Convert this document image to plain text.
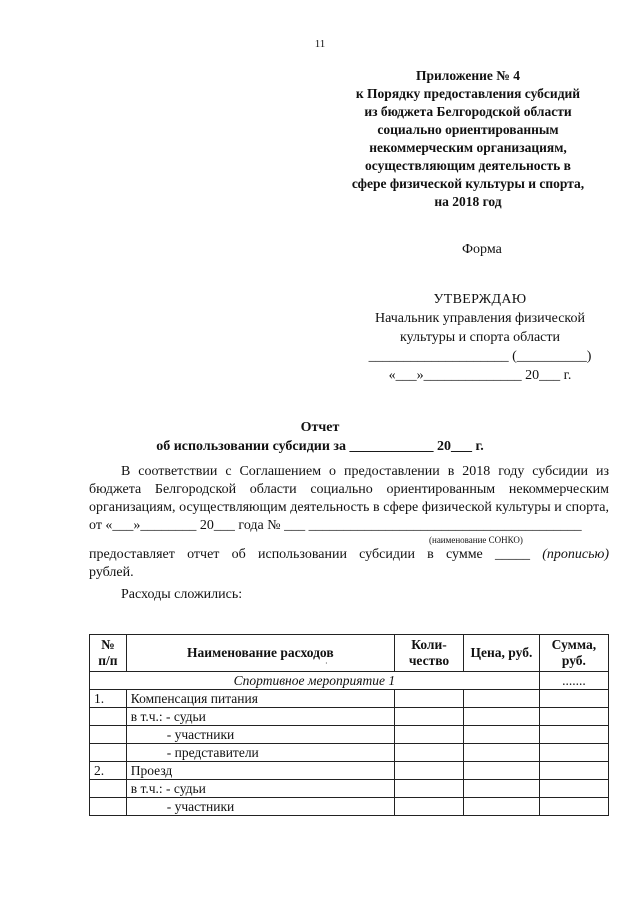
11
Приложение № 4
к Порядку предоставления субсидий
из бюджета Белгородской области
социально ориентированным
некоммерческим организациям,
осуществляющим деятельность в
сфере физической культуры и спорта,
на 2018 год
Форма
УТВЕРЖДАЮ
Начальник управления физической
культуры и спорта области
____________________ (__________)
«___»______________ 20___ г.
Отчет
об использовании субсидии за ____________ 20___ г.

В соответствии с Соглашением о предоставлении в 2018 году субсидии из бюджета Белгородской области социально ориентированным некоммерческим организациям, осуществляющим деятельность в сфере физической культуры и спорта, от «___»________ 20___ года № ___ _______________________________________

(наименование СОНКО)

предоставляет отчет об использовании субсидии в сумме _____ (прописью)

рублей.

Расходы сложились:

№ п/п	Наименование расходов	Коли-чество	Цена, руб.	Сумма, руб.
Спортивное мероприятие 1				.......
1.	Компенсация питания			
	в т.ч.: - судьи			
	- участники			
	- представители			
2.	Проезд			
	в т.ч.: - судьи			
	- участники			
·
